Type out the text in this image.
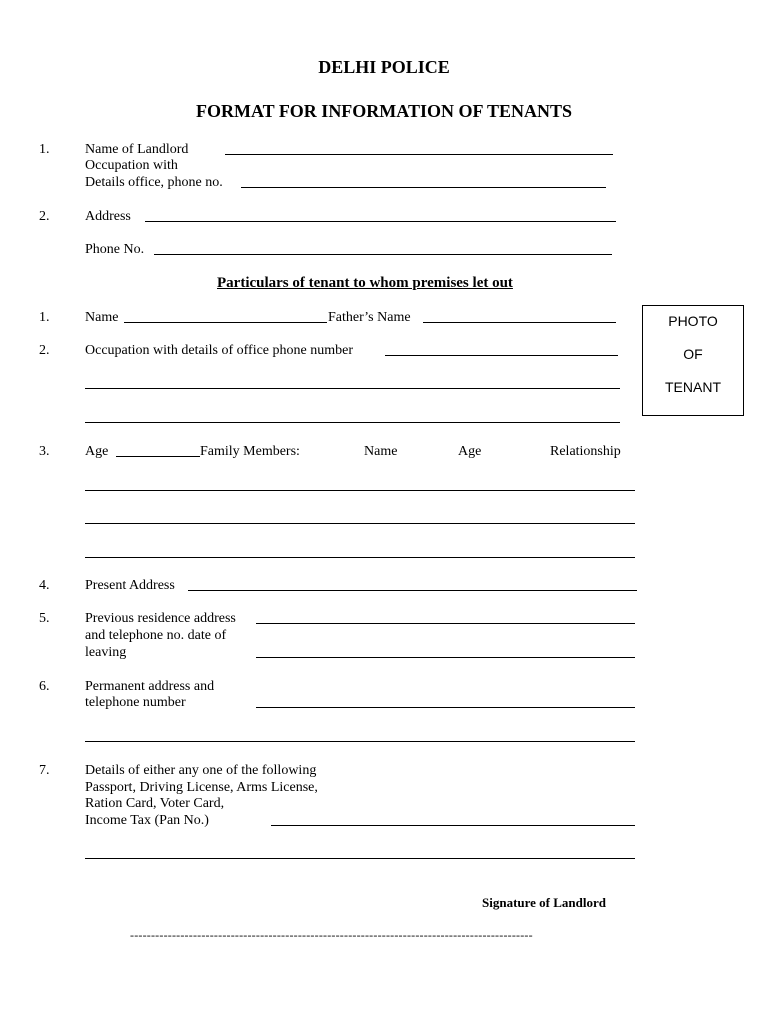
DELHI POLICE
FORMAT FOR INFORMATION OF TENANTS
1.	Name of Landlord
Occupation with
Details office, phone no.
2.	Address
Phone No.
Particulars of tenant to whom premises let out
PHOTO
OF
TENANT
1.	Name	Father’s Name
2.	Occupation with details of office phone number
3.	Age	Family Members:	Name	Age	Relationship
4.	Present Address
5.	Previous residence address
and telephone no. date of
leaving
6.	Permanent address and
telephone number
7.	Details of either any one of the following
Passport, Driving License, Arms License,
Ration Card, Voter Card,
Income Tax (Pan No.)
Signature of Landlord
------------------------------------------------------------------------------------------------
